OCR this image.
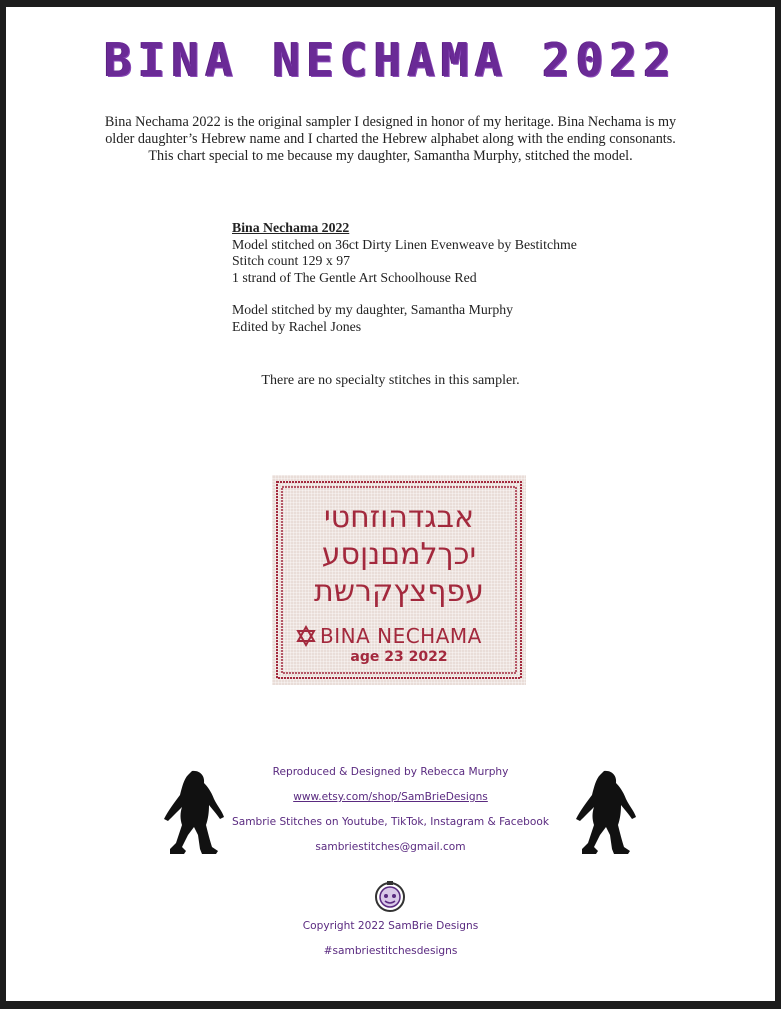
BINA NECHAMA 2022
Bina Nechama 2022 is the original sampler I designed in honor of my heritage. Bina Nechama is my
older daughter’s Hebrew name and I charted the Hebrew alphabet along with the ending consonants.
This chart special to me because my daughter, Samantha Murphy, stitched the model.
Bina Nechama 2022
Model stitched on 36ct Dirty Linen Evenweave by Bestitchme
Stitch count 129 x 97
1 strand of The Gentle Art Schoolhouse Red
Model stitched by my daughter, Samantha Murphy
Edited by Rachel Jones
There are no specialty stitches in this sampler.
אבגדהוזחטי
יכךלמםנןסע
עפףצץקרשת
BINA NECHAMA
age 23 2022
Reproduced & Designed by Rebecca Murphy
www.etsy.com/shop/SamBrieDesigns
Sambrie Stitches on Youtube, TikTok, Instagram & Facebook
sambriestitches@gmail.com
Copyright 2022 SamBrie Designs
#sambriestitchesdesigns
